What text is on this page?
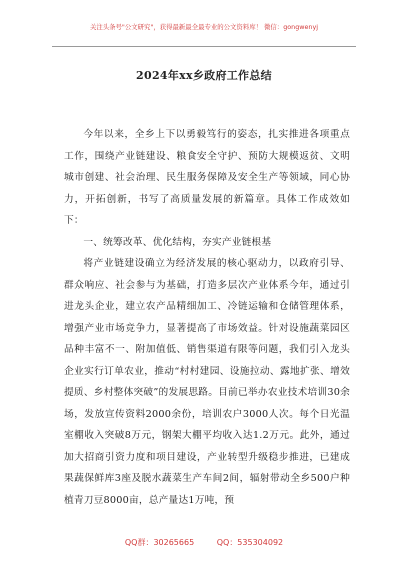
关注头条号"公文研究"，获得最新最全最专业的公文资料库！ 微信：gongwenyj
2024年xx乡政府工作总结

今年以来，全乡上下以勇毅笃行的姿态，扎实推进各项重点工作，围绕产业链建设、粮食安全守护、预防大规模返贫、文明城市创建、社会治理、民生服务保障及安全生产等领域，同心协力，开拓创新，书写了高质量发展的新篇章。具体工作成效如下：

一、统筹改革、优化结构，夯实产业链根基

将产业链建设确立为经济发展的核心驱动力，以政府引导、群众响应、社会参与为基础，打造多层次产业体系今年，通过引进龙头企业，建立农产品精细加工、冷链运输和仓储管理体系，增强产业市场竞争力，显著提高了市场效益。针对设施蔬菜园区品种丰富不一、附加值低、销售渠道有限等问题，我们引入龙头企业实行订单农业，推动“村村建园、设施拉动、露地扩张、增效提质、乡村整体突破”的发展思路。目前已举办农业技术培训30余场，发放宣传资料2000余份，培训农户3000人次。每个日光温室棚收入突破8万元，钢架大棚平均收入达1.2万元。此外，通过加大招商引资力度和项目建设，产业转型升级稳步推进，已建成果蔬保鲜库3座及脱水蔬菜生产车间2间，辐射带动全乡500户种植青刀豆8000亩，总产量达1万吨，预

QQ群：30265665	QQ：535304092
